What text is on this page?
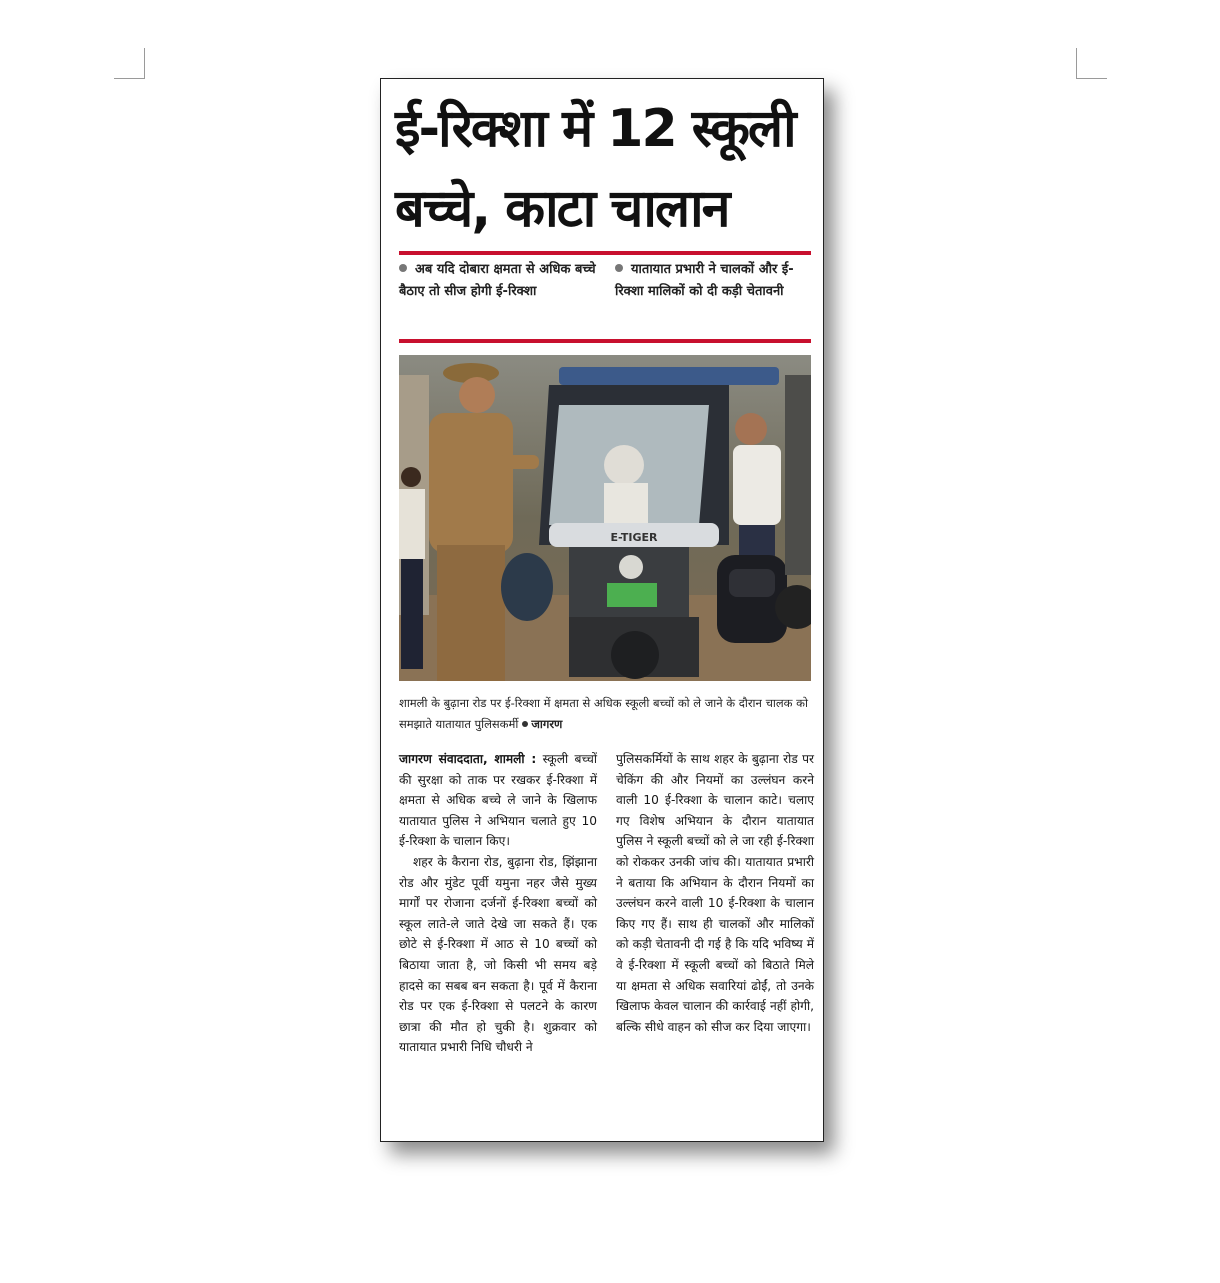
ई-रिक्शा में 12 स्कूली
बच्चे, काटा चालान
अब यदि दोबारा क्षमता से अधिक बच्चे बैठाए तो सीज होगी ई-रिक्शा
यातायात प्रभारी ने चालकों और ई-रिक्शा मालिकों को दी कड़ी चेतावनी
E-TIGER
शामली के बुढ़ाना रोड पर ई-रिक्शा में क्षमता से अधिक स्कूली बच्चों को ले जाने के दौरान चालक को समझाते यातायात पुलिसकर्मी जागरण

जागरण संवाददाता, शामली : स्कूली बच्चों की सुरक्षा को ताक पर रखकर ई-रिक्शा में क्षमता से अधिक बच्चे ले जाने के खिलाफ यातायात पुलिस ने अभियान चलाते हुए 10 ई-रिक्शा के चालान किए।

शहर के कैराना रोड, बुढ़ाना रोड, झिंझाना रोड और मुंडेट पूर्वी यमुना नहर जैसे मुख्य मार्गों पर रोजाना दर्जनों ई-रिक्शा बच्चों को स्कूल लाते-ले जाते देखे जा सकते हैं। एक छोटे से ई-रिक्शा में आठ से 10 बच्चों को बिठाया जाता है, जो किसी भी समय बड़े हादसे का सबब बन सकता है। पूर्व में कैराना रोड पर एक ई-रिक्शा से पलटने के कारण छात्रा की मौत हो चुकी है। शुक्रवार को यातायात प्रभारी निधि चौधरी ने

पुलिसकर्मियों के साथ शहर के बुढ़ाना रोड पर चेकिंग की और नियमों का उल्लंघन करने वाली 10 ई-रिक्शा के चालान काटे। चलाए गए विशेष अभियान के दौरान यातायात पुलिस ने स्कूली बच्चों को ले जा रही ई-रिक्शा को रोककर उनकी जांच की। यातायात प्रभारी ने बताया कि अभियान के दौरान नियमों का उल्लंघन करने वाली 10 ई-रिक्शा के चालान किए गए हैं। साथ ही चालकों और मालिकों को कड़ी चेतावनी दी गई है कि यदि भविष्य में वे ई-रिक्शा में स्कूली बच्चों को बिठाते मिले या क्षमता से अधिक सवारियां ढोईं, तो उनके खिलाफ केवल चालान की कार्रवाई नहीं होगी, बल्कि सीधे वाहन को सीज कर दिया जाएगा।
